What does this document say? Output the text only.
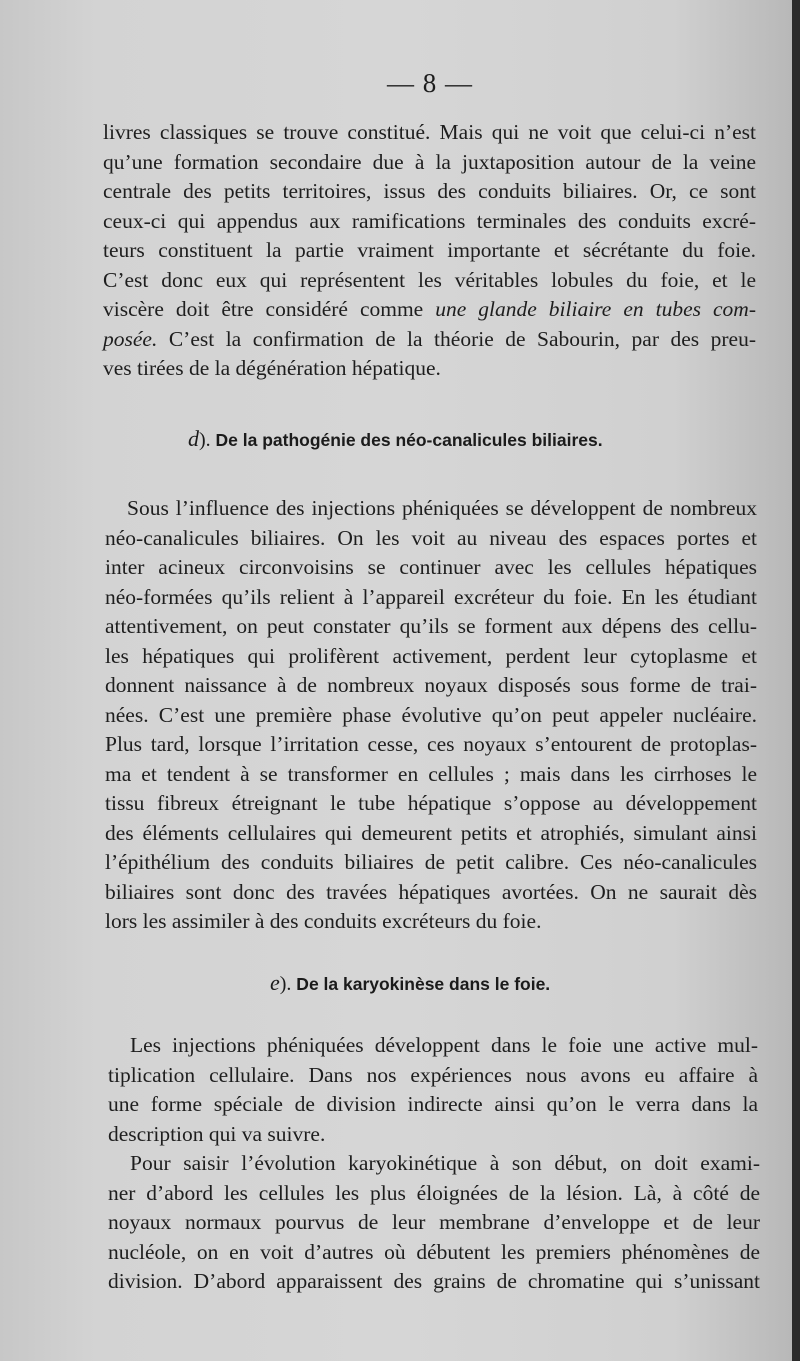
— 8 —
livres classiques se trouve constitué. Mais qui ne voit que celui-ci n’est
qu’une formation secondaire due à la juxtaposition autour de la veine
centrale des petits territoires, issus des conduits biliaires. Or, ce sont
ceux-ci qui appendus aux ramifications terminales des conduits excré-
teurs constituent la partie vraiment importante et sécrétante du foie.
C’est donc eux qui représentent les véritables lobules du foie, et le
viscère doit être considéré comme une glande biliaire en tubes com-
posée. C’est la confirmation de la théorie de Sabourin, par des preu-
ves tirées de la dégénération hépatique.
d). De la pathogénie des néo-canalicules biliaires.
Sous l’influence des injections phéniquées se développent de nombreux
néo-canalicules biliaires. On les voit au niveau des espaces portes et
inter acineux circonvoisins se continuer avec les cellules hépatiques
néo-formées qu’ils relient à l’appareil excréteur du foie. En les étudiant
attentivement, on peut constater qu’ils se forment aux dépens des cellu-
les hépatiques qui prolifèrent activement, perdent leur cytoplasme et
donnent naissance à de nombreux noyaux disposés sous forme de trai-
nées. C’est une première phase évolutive qu’on peut appeler nucléaire.
Plus tard, lorsque l’irritation cesse, ces noyaux s’entourent de protoplas-
ma et tendent à se transformer en cellules ; mais dans les cirrhoses le
tissu fibreux étreignant le tube hépatique s’oppose au développement
des éléments cellulaires qui demeurent petits et atrophiés, simulant ainsi
l’épithélium des conduits biliaires de petit calibre. Ces néo-canalicules
biliaires sont donc des travées hépatiques avortées. On ne saurait dès
lors les assimiler à des conduits excréteurs du foie.
e). De la karyokinèse dans le foie.
Les injections phéniquées développent dans le foie une active mul-
tiplication cellulaire. Dans nos expériences nous avons eu affaire à
une forme spéciale de division indirecte ainsi qu’on le verra dans la
description qui va suivre.
Pour saisir l’évolution karyokinétique à son début, on doit exami-
ner d’abord les cellules les plus éloignées de la lésion. Là, à côté de
noyaux normaux pourvus de leur membrane d’enveloppe et de leur
nucléole, on en voit d’autres où débutent les premiers phénomènes de
division. D’abord apparaissent des grains de chromatine qui s’unissant
